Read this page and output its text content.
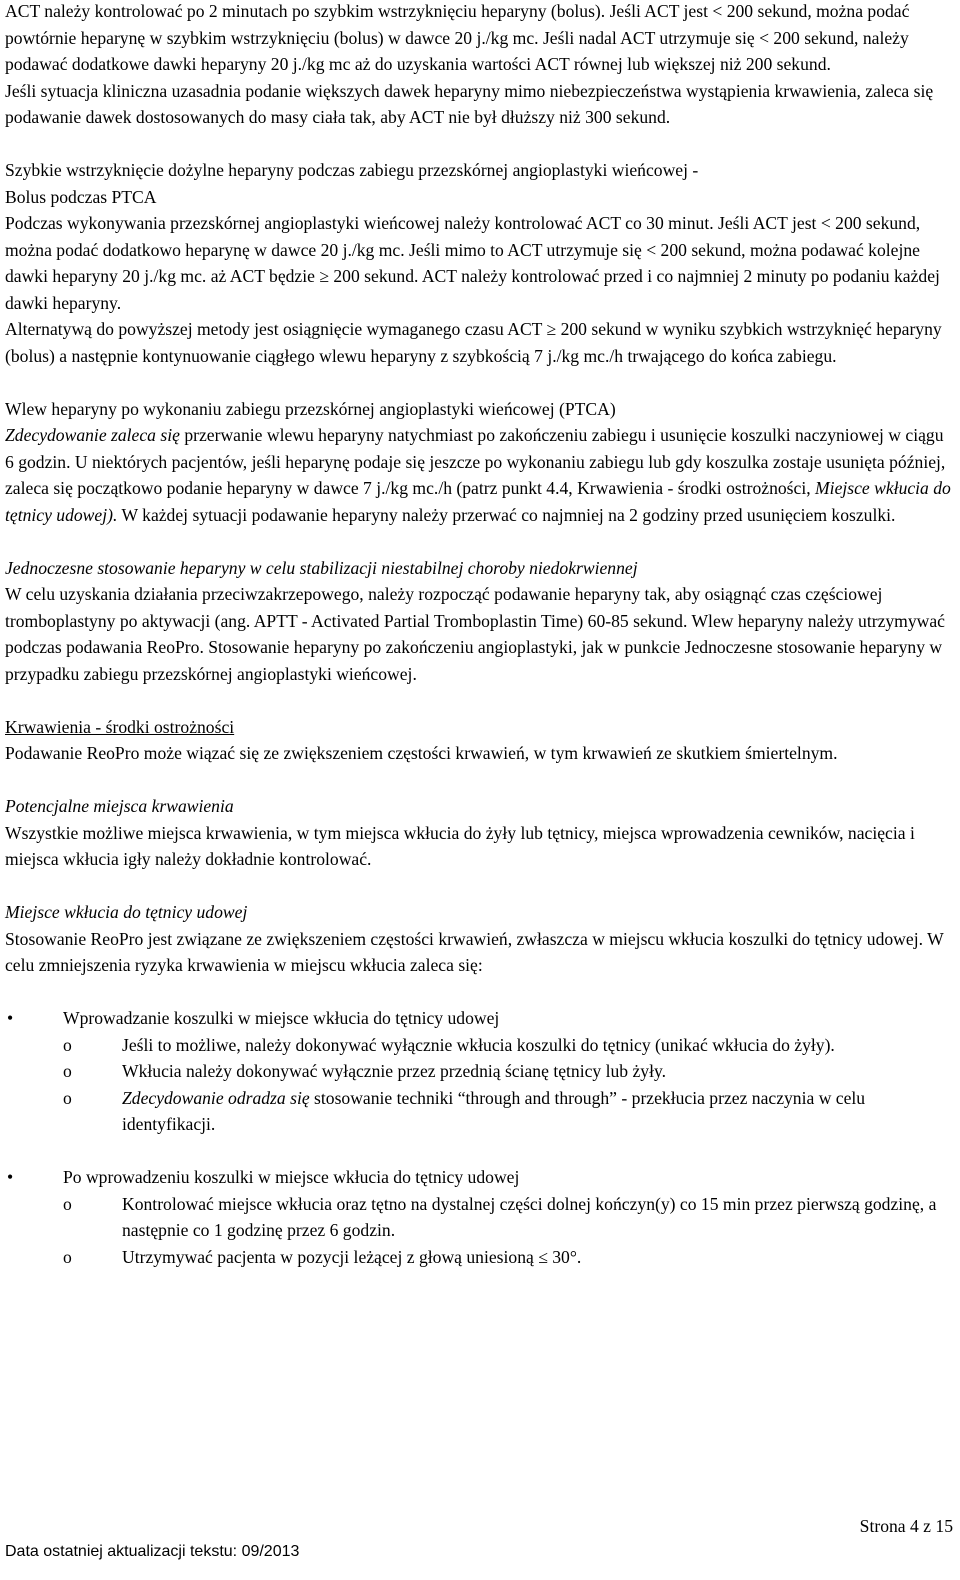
ACT należy kontrolować po 2 minutach po szybkim wstrzyknięciu heparyny (bolus). Jeśli ACT jest < 200 sekund, można podać powtórnie heparynę w szybkim wstrzyknięciu (bolus) w dawce 20 j./kg mc. Jeśli nadal ACT utrzymuje się < 200 sekund, należy podawać dodatkowe dawki heparyny 20 j./kg mc aż do uzyskania wartości ACT równej lub większej niż 200 sekund.

Jeśli sytuacja kliniczna uzasadnia podanie większych dawek heparyny mimo niebezpieczeństwa wystąpienia krwawienia, zaleca się podawanie dawek dostosowanych do masy ciała tak, aby ACT nie był dłuższy niż 300 sekund.

Szybkie wstrzyknięcie dożylne heparyny podczas zabiegu przezskórnej angioplastyki wieńcowej -

Bolus podczas PTCA

Podczas wykonywania przezskórnej angioplastyki wieńcowej należy kontrolować ACT co 30 minut. Jeśli ACT jest < 200 sekund, można podać dodatkowo heparynę w dawce 20 j./kg mc. Jeśli mimo to ACT utrzymuje się < 200 sekund, można podawać kolejne dawki heparyny 20 j./kg mc. aż ACT będzie ≥ 200 sekund. ACT należy kontrolować przed i co najmniej 2 minuty po podaniu każdej dawki heparyny.

Alternatywą do powyższej metody jest osiągnięcie wymaganego czasu ACT ≥ 200 sekund w wyniku szybkich wstrzyknięć heparyny (bolus) a następnie kontynuowanie ciągłego wlewu heparyny z szybkością 7 j./kg mc./h trwającego do końca zabiegu.

Wlew heparyny po wykonaniu zabiegu przezskórnej angioplastyki wieńcowej (PTCA)

Zdecydowanie zaleca się przerwanie wlewu heparyny natychmiast po zakończeniu zabiegu i usunięcie koszulki naczyniowej w ciągu 6 godzin. U niektórych pacjentów, jeśli heparynę podaje się jeszcze po wykonaniu zabiegu lub gdy koszulka zostaje usunięta później, zaleca się początkowo podanie heparyny w dawce 7 j./kg mc./h (patrz punkt 4.4, Krwawienia - środki ostrożności, Miejsce wkłucia do tętnicy udowej). W każdej sytuacji podawanie heparyny należy przerwać co najmniej na 2 godziny przed usunięciem koszulki.

Jednoczesne stosowanie heparyny w celu stabilizacji niestabilnej choroby niedokrwiennej

W celu uzyskania działania przeciwzakrzepowego, należy rozpocząć podawanie heparyny tak, aby osiągnąć czas częściowej tromboplastyny po aktywacji (ang. APTT - Activated Partial Tromboplastin Time) 60-85 sekund. Wlew heparyny należy utrzymywać podczas podawania ReoPro. Stosowanie heparyny po zakończeniu angioplastyki, jak w punkcie Jednoczesne stosowanie heparyny w przypadku zabiegu przezskórnej angioplastyki wieńcowej.

Krwawienia - środki ostrożności

Podawanie ReoPro może wiązać się ze zwiększeniem częstości krwawień, w tym krwawień ze skutkiem śmiertelnym.

Potencjalne miejsca krwawienia

Wszystkie możliwe miejsca krwawienia, w tym miejsca wkłucia do żyły lub tętnicy, miejsca wprowadzenia cewników, nacięcia i miejsca wkłucia igły należy dokładnie kontrolować.

Miejsce wkłucia do tętnicy udowej

Stosowanie ReoPro jest związane ze zwiększeniem częstości krwawień, zwłaszcza w miejscu wkłucia koszulki do tętnicy udowej. W celu zmniejszenia ryzyka krwawienia w miejscu wkłucia zaleca się:

•	Wprowadzanie koszulki w miejsce wkłucia do tętnicy udowej
o	Jeśli to możliwe, należy dokonywać wyłącznie wkłucia koszulki do tętnicy (unikać wkłucia do żyły).
o	Wkłucia należy dokonywać wyłącznie przez przednią ścianę tętnicy lub żyły.
o	Zdecydowanie odradza się stosowanie techniki “through and through” - przekłucia przez naczynia w celu identyfikacji.
•	Po wprowadzeniu koszulki w miejsce wkłucia do tętnicy udowej
o	Kontrolować miejsce wkłucia oraz tętno na dystalnej części dolnej kończyn(y) co 15 min przez pierwszą godzinę, a następnie co 1 godzinę przez 6 godzin.
o	Utrzymywać pacjenta w pozycji leżącej z głową uniesioną ≤ 30°.
Strona 4 z 15
Data ostatniej aktualizacji tekstu: 09/2013
